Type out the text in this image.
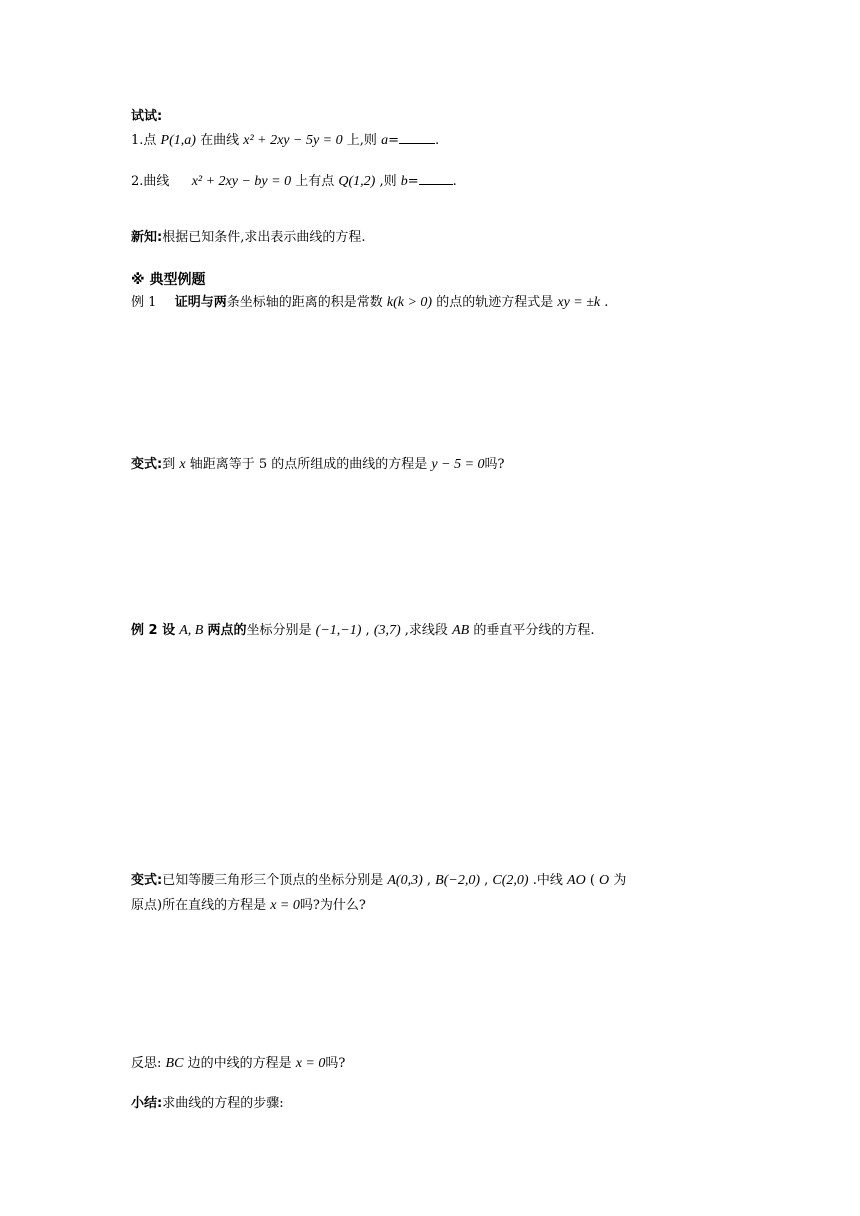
试试:
1.点 P(1,a) 在曲线 x² + 2xy − 5y = 0 上,则 a=	.
2.曲线 x² + 2xy − by = 0 上有点 Q(1,2) ,则 b=	.
新知:根据已知条件,求出表示曲线的方程.
※ 典型例题
例 1 证明与两条坐标轴的距离的积是常数 k(k > 0) 的点的轨迹方程式是 xy = ±k .
变式:到 x 轴距离等于 5 的点所组成的曲线的方程是 y − 5 = 0吗?
例 2 设 A, B 两点的坐标分别是 (−1,−1) , (3,7) ,求线段 AB 的垂直平分线的方程.
变式:已知等腰三角形三个顶点的坐标分别是 A(0,3) , B(−2,0) , C(2,0) .中线 AO ( O 为
原点)所在直线的方程是 x = 0吗?为什么?
反思: BC 边的中线的方程是 x = 0吗?
小结:求曲线的方程的步骤:
